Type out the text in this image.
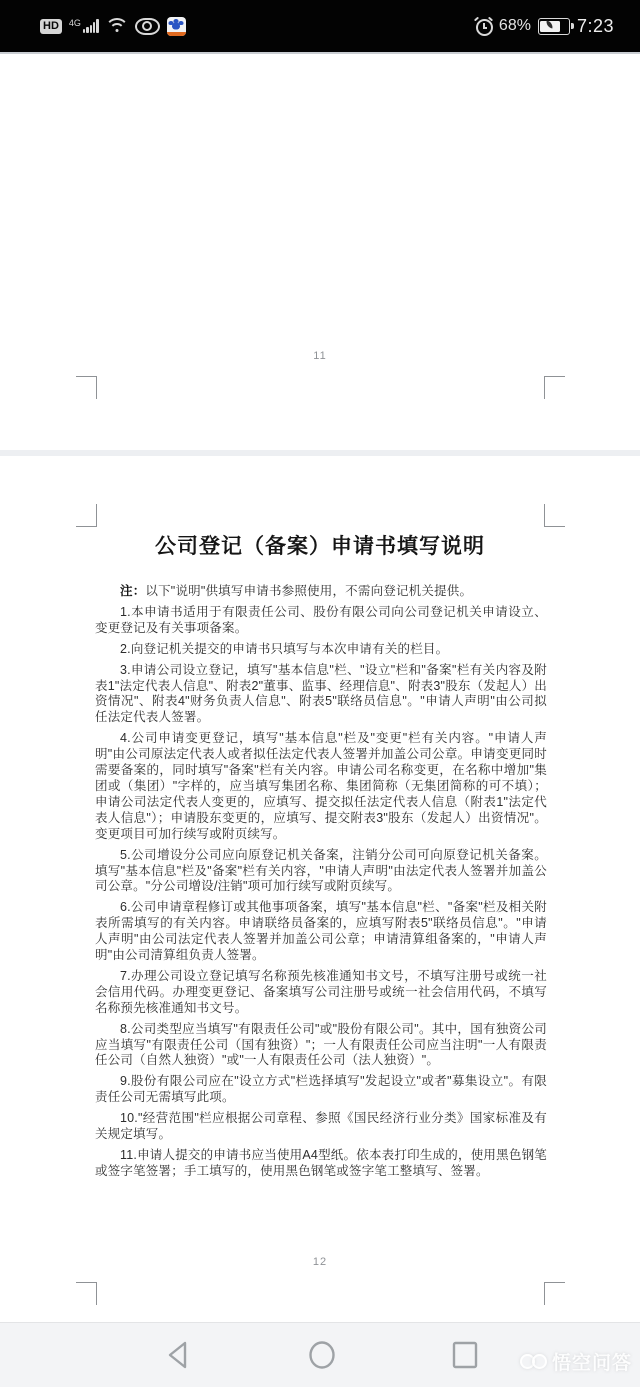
HD	4G	68%	7:23
11
公司登记（备案）申请书填写说明

注：以下"说明"供填写申请书参照使用，不需向登记机关提供。

1.本申请书适用于有限责任公司、股份有限公司向公司登记机关申请设立、变更登记及有关事项备案。

2.向登记机关提交的申请书只填写与本次申请有关的栏目。

3.申请公司设立登记，填写"基本信息"栏、"设立"栏和"备案"栏有关内容及附表1"法定代表人信息"、附表2"董事、监事、经理信息"、附表3"股东（发起人）出资情况"、附表4"财务负责人信息"、附表5"联络员信息"。"申请人声明"由公司拟任法定代表人签署。

4.公司申请变更登记，填写"基本信息"栏及"变更"栏有关内容。"申请人声明"由公司原法定代表人或者拟任法定代表人签署并加盖公司公章。申请变更同时需要备案的，同时填写"备案"栏有关内容。申请公司名称变更，在名称中增加"集团或（集团）"字样的，应当填写集团名称、集团简称（无集团简称的可不填）；申请公司法定代表人变更的，应填写、提交拟任法定代表人信息（附表1"法定代表人信息"）；申请股东变更的，应填写、提交附表3"股东（发起人）出资情况"。变更项目可加行续写或附页续写。

5.公司增设分公司应向原登记机关备案，注销分公司可向原登记机关备案。填写"基本信息"栏及"备案"栏有关内容，"申请人声明"由法定代表人签署并加盖公司公章。"分公司增设/注销"项可加行续写或附页续写。

6.公司申请章程修订或其他事项备案，填写"基本信息"栏、"备案"栏及相关附表所需填写的有关内容。申请联络员备案的，应填写附表5"联络员信息"。"申请人声明"由公司法定代表人签署并加盖公司公章；申请清算组备案的，"申请人声明"由公司清算组负责人签署。

7.办理公司设立登记填写名称预先核准通知书文号，不填写注册号或统一社会信用代码。办理变更登记、备案填写公司注册号或统一社会信用代码，不填写名称预先核准通知书文号。

8.公司类型应当填写"有限责任公司"或"股份有限公司"。其中，国有独资公司应当填写"有限责任公司（国有独资）"；一人有限责任公司应当注明"一人有限责任公司（自然人独资）"或"一人有限责任公司（法人独资）"。

9.股份有限公司应在"设立方式"栏选择填写"发起设立"或者"募集设立"。有限责任公司无需填写此项。

10."经营范围"栏应根据公司章程、参照《国民经济行业分类》国家标准及有关规定填写。

11.申请人提交的申请书应当使用A4型纸。依本表打印生成的，使用黑色钢笔或签字笔签署；手工填写的，使用黑色钢笔或签字笔工整填写、签署。

12
悟空问答
